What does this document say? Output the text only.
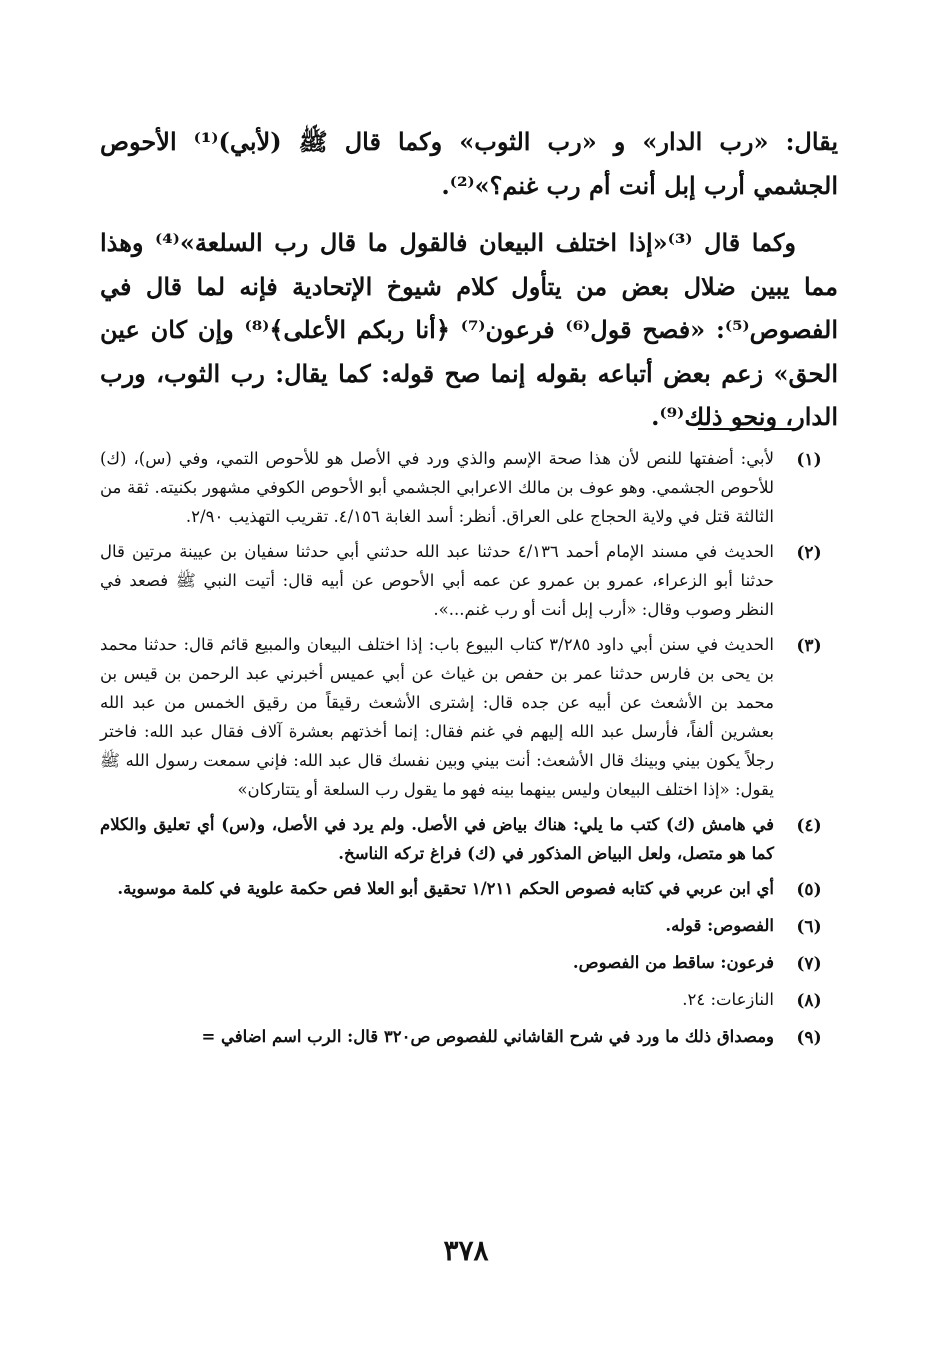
يقال: «رب الدار» و «رب الثوب» وكما قال ﷺ (لأبي)⁽¹⁾ الأحوص الجشمي أرب إبل أنت أم رب غنم؟»⁽²⁾.

وكما قال ⁽³⁾«إذا اختلف البيعان فالقول ما قال رب السلعة»⁽⁴⁾ وهذا مما يبين ضلال بعض من يتأول كلام شيوخ الإتحادية فإنه لما قال في الفصوص⁽⁵⁾: «فصح قول⁽⁶⁾ فرعون⁽⁷⁾ ﴿أنا ربكم الأعلى﴾⁽⁸⁾ وإن كان عين الحق» زعم بعض أتباعه بقوله إنما صح قوله: كما يقال: رب الثوب، ورب الدار، ونحو ذلك⁽⁹⁾.

(١)
لأبي: أضفتها للنص لأن هذا صحة الإسم والذي ورد في الأصل هو للأحوص التمي، وفي (س)، (ك) للأحوص الجشمي. وهو عوف بن مالك الاعرابي الجشمي أبو الأحوص الكوفي مشهور بكنيته. ثقة من الثالثة قتل في ولاية الحجاج على العراق. أنظر: أسد الغابة ٤/١٥٦. تقريب التهذيب ٢/٩٠.
(٢)
الحديث في مسند الإمام أحمد ٤/١٣٦ حدثنا عبد الله حدثني أبي حدثنا سفيان بن عيينة مرتين قال حدثنا أبو الزعراء، عمرو بن عمرو عن عمه أبي الأحوص عن أبيه قال: أتيت النبي ﷺ فصعد في النظر وصوب وقال: «أرب إبل أنت أو رب غنم...».
(٣)
الحديث في سنن أبي داود ٣/٢٨٥ كتاب البيوع باب: إذا اختلف البيعان والمبيع قائم قال: حدثنا محمد بن يحى بن فارس حدثنا عمر بن حفص بن غياث عن أبي عميس أخبرني عبد الرحمن بن قيس بن محمد بن الأشعث عن أبيه عن جده قال: إشترى الأشعث رقيقاً من رقيق الخمس من عبد الله بعشرين ألفاً، فأرسل عبد الله إليهم في غنم فقال: إنما أخذتهم بعشرة آلاف فقال عبد الله: فاختر رجلاً يكون بيني وبينك قال الأشعث: أنت بيني وبين نفسك قال عبد الله: فإني سمعت رسول الله ﷺ يقول: «إذا اختلف البيعان وليس بينهما بينه فهو ما يقول رب السلعة أو يتتاركان»
(٤)
في هامش (ك) كتب ما يلي: هناك بياض في الأصل. ولم يرد في الأصل، و(س) أي تعليق والكلام كما هو متصل، ولعل البياض المذكور في (ك) فراغ تركه الناسخ.
(٥)
أي ابن عربي في كتابه فصوص الحكم ١/٢١١ تحقيق أبو العلا فص حكمة علوية في كلمة موسوية.
(٦)
الفصوص: قوله.
(٧)
فرعون: ساقط من الفصوص.
(٨)
النازعات: ٢٤.
(٩)
ومصداق ذلك ما ورد في شرح القاشاني للفصوص ص٣٢٠ قال: الرب اسم اضافي =
٣٧٨
